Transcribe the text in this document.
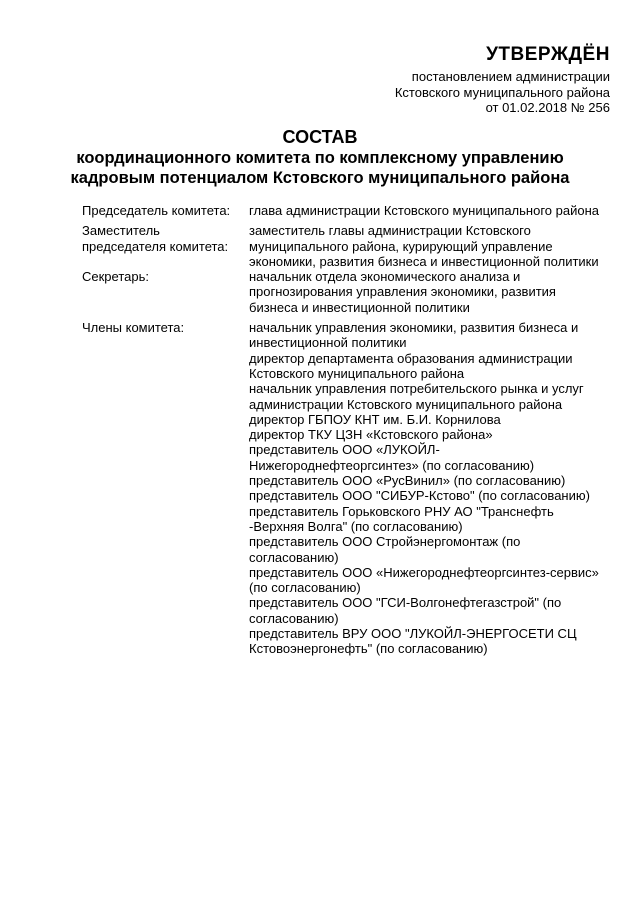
УТВЕРЖДЁН
постановлением администрации
Кстовского муниципального района
от 01.02.2018 № 256
СОСТАВ
координационного комитета по комплексному управлению
кадровым потенциалом Кстовского муниципального района
Председатель комитета:	глава администрации Кстовского муниципального района
Заместитель
председателя комитета:
заместитель главы администрации Кстовского
муниципального района, курирующий управление
экономики, развития бизнеса и инвестиционной политики
Секретарь:	начальник отдела экономического анализа и
прогнозирования управления экономики, развития
бизнеса и инвестиционной политики
Члены комитета:	начальник управления экономики, развития бизнеса и
инвестиционной политики
директор департамента образования администрации
Кстовского муниципального района
начальник управления потребительского рынка и услуг
администрации Кстовского муниципального района
директор ГБПОУ КНТ им. Б.И. Корнилова
директор ТКУ ЦЗН «Кстовского района»
представитель ООО «ЛУКОЙЛ-
Нижегороднефтеоргсинтез» (по согласованию)
представитель ООО «РусВинил» (по согласованию)
представитель ООО "СИБУР-Кстово" (по согласованию)
представитель Горьковского РНУ АО "Транснефть
-Верхняя Волга" (по согласованию)
представитель ООО Стройэнергомонтаж (по
согласованию)
представитель ООО «Нижегороднефтеоргсинтез-сервис»
(по согласованию)
представитель ООО "ГСИ-Волгонефтегазстрой" (по
согласованию)
представитель ВРУ ООО "ЛУКОЙЛ-ЭНЕРГОСЕТИ СЦ
Кстовоэнергонефть" (по согласованию)
